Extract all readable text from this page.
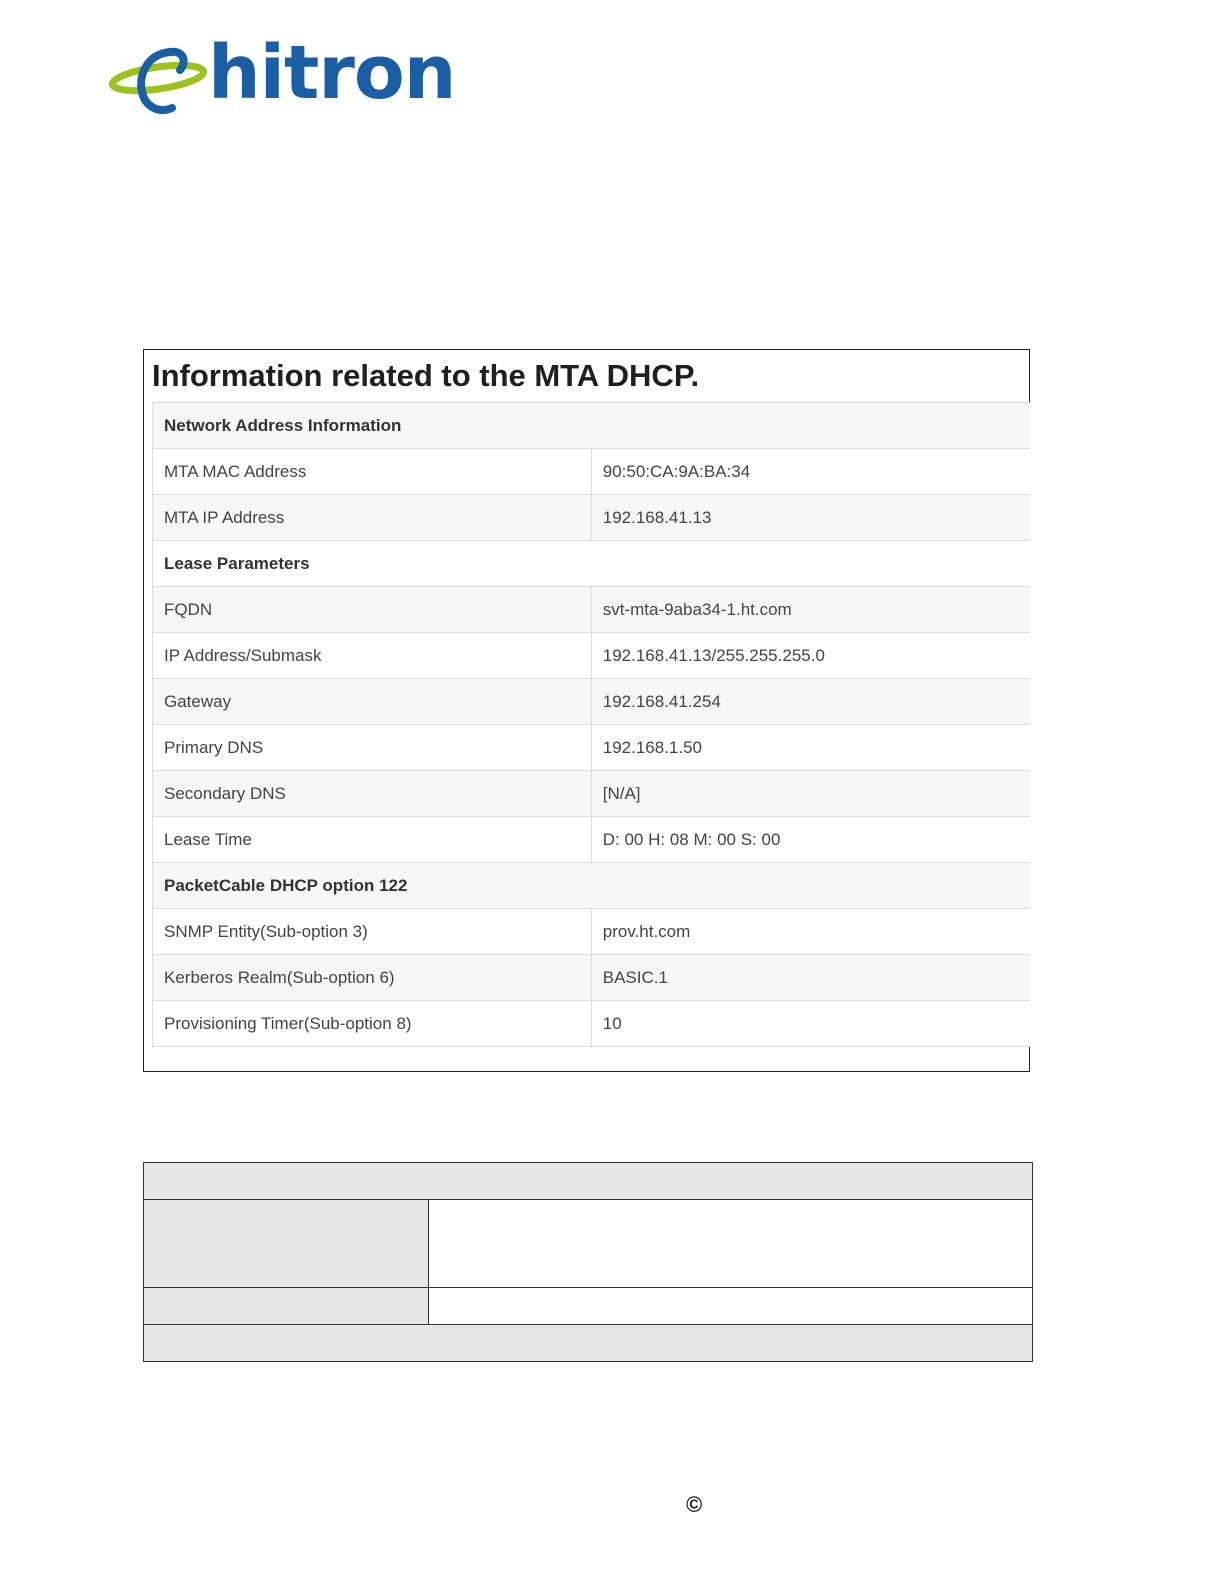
hitron
Information related to the MTA DHCP.
Network Address Information	
MTA MAC Address	90:50:CA:9A:BA:34
MTA IP Address	192.168.41.13
Lease Parameters	
FQDN	svt-mta-9aba34-1.ht.com
IP Address/Submask	192.168.41.13/255.255.255.0
Gateway	192.168.41.254
Primary DNS	192.168.1.50
Secondary DNS	[N/A]
Lease Time	D: 00 H: 08 M: 00 S: 00
PacketCable DHCP option 122	
SNMP Entity(Sub-option 3)	prov.ht.com
Kerberos Realm(Sub-option 6)	BASIC.1
Provisioning Timer(Sub-option 8)	10

©
